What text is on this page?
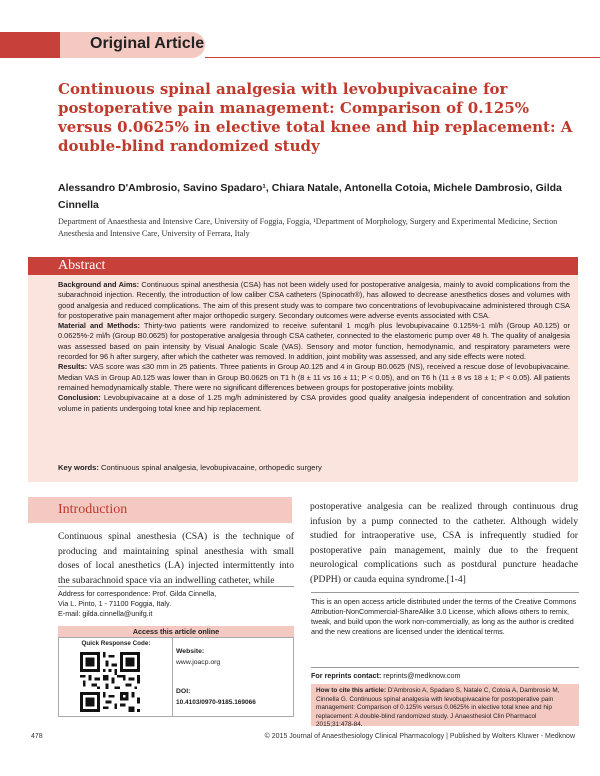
Original Article
Continuous spinal analgesia with levobupivacaine for postoperative pain management: Comparison of 0.125% versus 0.0625% in elective total knee and hip replacement: A double-blind randomized study
Alessandro D'Ambrosio, Savino Spadaro¹, Chiara Natale, Antonella Cotoia, Michele Dambrosio, Gilda Cinnella
Department of Anaesthesia and Intensive Care, University of Foggia, Foggia, ¹Department of Morphology, Surgery and Experimental Medicine, Section Anesthesia and Intensive Care, University of Ferrara, Italy
Abstract

Background and Aims: Continuous spinal anesthesia (CSA) has not been widely used for postoperative analgesia, mainly to avoid complications from the subarachnoid injection. Recently, the introduction of low caliber CSA catheters (Spinocath®), has allowed to decrease anesthetics doses and volumes with good analgesia and reduced complications. The aim of this present study was to compare two concentrations of levobupivacaine administered through CSA for postoperative pain management after major orthopedic surgery. Secondary outcomes were adverse events associated with CSA.

Material and Methods: Thirty-two patients were randomized to receive sufentanil 1 mcg/h plus levobupivacaine 0.125%-1 ml/h (Group A0.125) or 0.0625%-2 ml/h (Group B0.0625) for postoperative analgesia through CSA catheter, connected to the elastomeric pump over 48 h. The quality of analgesia was assessed based on pain intensity by Visual Analogic Scale (VAS). Sensory and motor function, hemodynamic, and respiratory parameters were recorded for 96 h after surgery, after which the catheter was removed. In addition, joint mobility was assessed, and any side effects were noted.

Results: VAS score was ≤30 mm in 25 patients. Three patients in Group A0.125 and 4 in Group B0.0625 (NS), received a rescue dose of levobupivacaine. Median VAS in Group A0.125 was lower than in Group B0.0625 on T1 h (8 ± 11 vs 16 ± 11; P < 0.05), and on T6 h (11 ± 8 vs 18 ± 1; P < 0.05). All patients remained hemodynamically stable. There were no significant differences between groups for postoperative joints mobility.

Conclusion: Levobupivacaine at a dose of 1.25 mg/h administered by CSA provides good quality analgesia independent of concentration and solution volume in patients undergoing total knee and hip replacement.

Key words: Continuous spinal analgesia, levobupivacaine, orthopedic surgery
Introduction
Continuous spinal anesthesia (CSA) is the technique of producing and maintaining spinal anesthesia with small doses of local anesthetics (LA) injected intermittently into the subarachnoid space via an indwelling catheter, while
postoperative analgesia can be realized through continuous drug infusion by a pump connected to the catheter. Although widely studied for intraoperative use, CSA is infrequently studied for postoperative pain management, mainly due to the frequent neurological complications such as postdural puncture headache (PDPH) or cauda equina syndrome.[1-4]
Address for correspondence: Prof. Gilda Cinnella,
Via L. Pinto, 1 - 71100 Foggia, Italy.
E-mail: gilda.cinnella@unifg.it
Access this article online
Quick Response Code:
Website:
www.joacp.org
DOI:
10.4103/0970-9185.169066
This is an open access article distributed under the terms of the Creative Commons Attribution-NonCommercial-ShareAlike 3.0 License, which allows others to remix, tweak, and build upon the work non-commercially, as long as the author is credited and the new creations are licensed under the identical terms.
For reprints contact: reprints@medknow.com
How to cite this article: D'Ambrosio A, Spadaro S, Natale C, Cotoia A, Dambrosio M, Cinnella G. Continuous spinal analgesia with levobupivacaine for postoperative pain management: Comparison of 0.125% versus 0.0625% in elective total knee and hip replacement: A double-blind randomized study. J Anaesthesiol Clin Pharmacol 2015;31:478-84.
478	© 2015 Journal of Anaesthesiology Clinical Pharmacology | Published by Wolters Kluwer - Medknow
